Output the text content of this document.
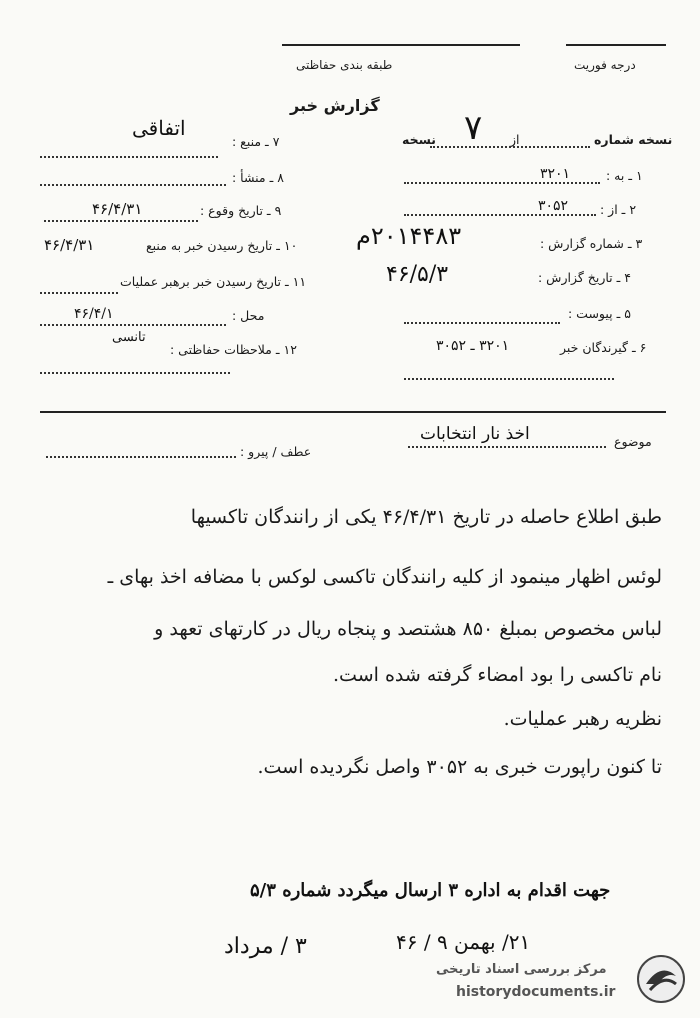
طبقه بندی حفاظتی	درجه فوریت
گزارش خبر
اتفاقی
۷ ـ منبع :
۸ ـ منشأ :
۹ ـ تاریخ وقوع :
۴۶/۴/۳۱
۱۰ ـ تاریخ رسیدن خبر به منبع
۴۶/۴/۳۱
۱۱ ـ تاریخ رسیدن خبر برهبر عملیات
محل :
۴۶/۴/۱
۱۲ ـ ملاحظات حفاظتی :
تانسی
نسخه شماره
از
نسخه ۷
۱ ـ به :
۳۲۰۱
۲ ـ از :
۳۰۵۲
۳ ـ شماره گزارش :
۲۰۱۴۴۸۳م
۴ ـ تاریخ گزارش :
۴۶/۵/۳
۵ ـ پیوست :
۶ ـ گیرندگان خبر
۳۲۰۱ ـ ۳۰۵۲
موضوع
اخذ نار انتخابات
عطف / پیرو :
طبق اطلاع حاصله در تاریخ ۴۶/۴/۳۱ یکی از رانندگان تاکسیها
لوئس اظهار مینمود از کلیه رانندگان تاکسی لوکس با مضافه اخذ بهای ـ
لباس مخصوص بمبلغ ۸۵۰ هشتصد و پنجاه ریال در کارتهای تعهد و
نام تاکسی را بود امضاء گرفته شده است.
نظریه رهبر عملیات.
تا کنون راپورت خبری به ۳۰۵۲ واصل نگردیده است.
جهت اقدام به اداره ۳ ارسال میگردد شماره ۵/۳
۲۱/ بهمن ۹ / ۴۶
۳ / مرداد
مرکز بررسی اسناد تاریخی
historydocuments.ir
